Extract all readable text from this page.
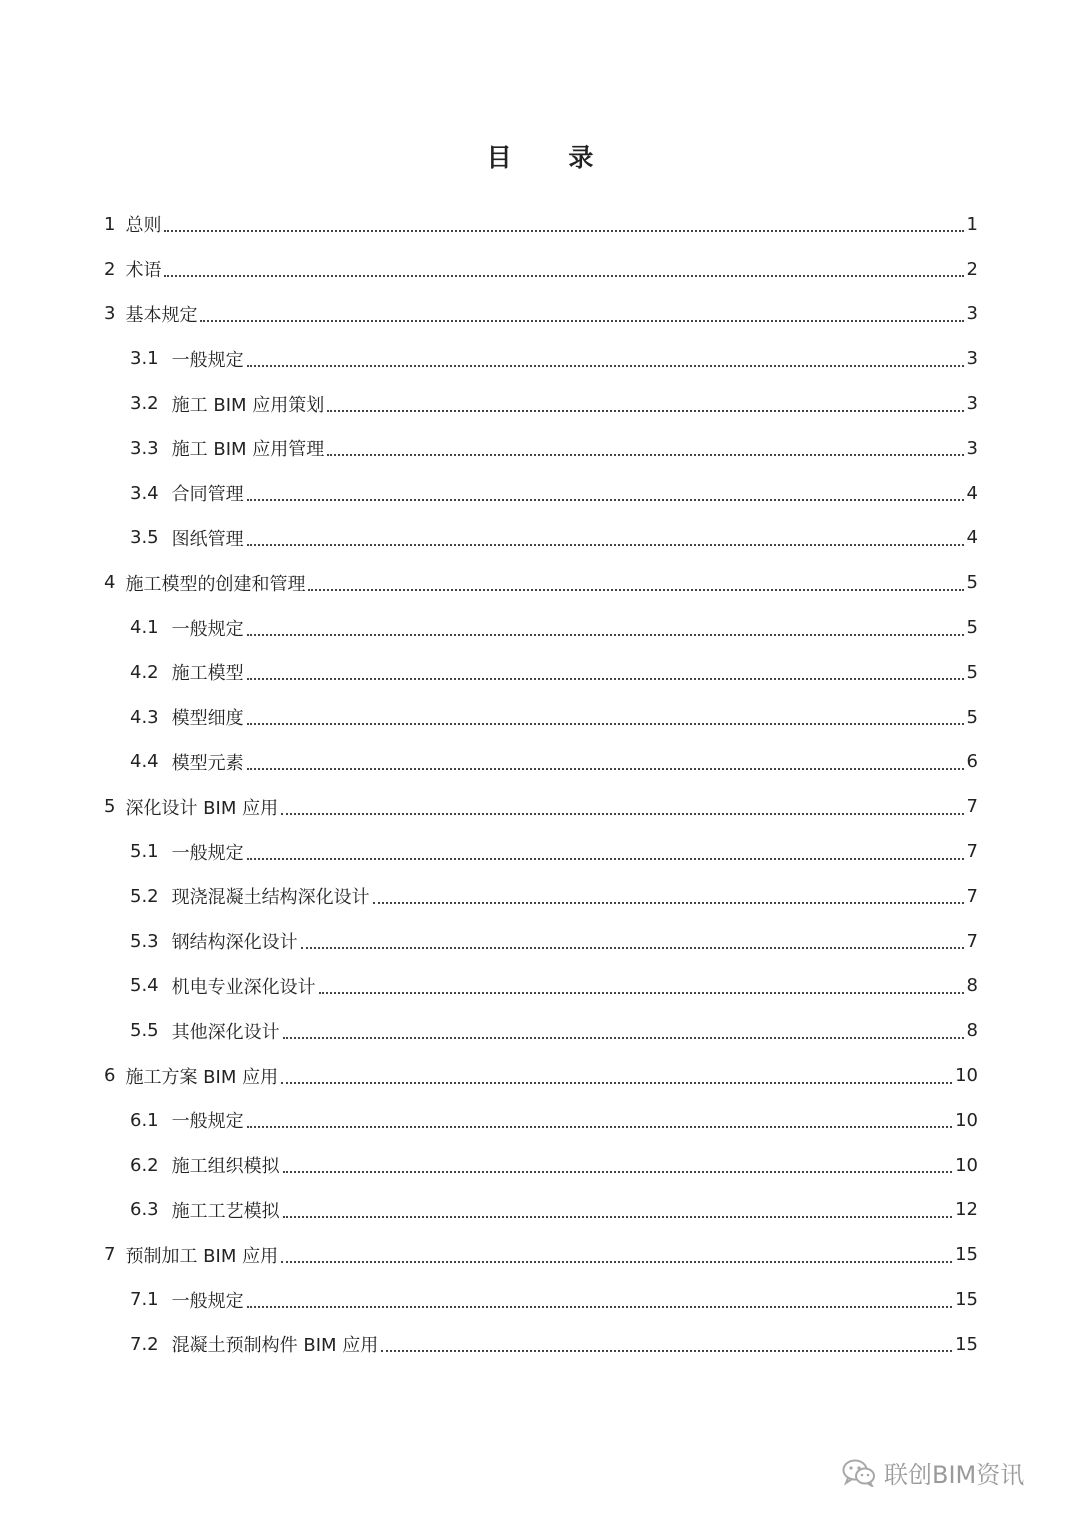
目 录
1 总则	1
2 术语	2
3 基本规定	3
3.1 一般规定	3
3.2 施工 BIM 应用策划	3
3.3 施工 BIM 应用管理	3
3.4 合同管理	4
3.5 图纸管理	4
4 施工模型的创建和管理	5
4.1 一般规定	5
4.2 施工模型	5
4.3 模型细度	5
4.4 模型元素	6
5 深化设计 BIM 应用	7
5.1 一般规定	7
5.2 现浇混凝土结构深化设计	7
5.3 钢结构深化设计	7
5.4 机电专业深化设计	8
5.5 其他深化设计	8
6 施工方案 BIM 应用	10
6.1 一般规定	10
6.2 施工组织模拟	10
6.3 施工工艺模拟	12
7 预制加工 BIM 应用	15
7.1 一般规定	15
7.2 混凝土预制构件 BIM 应用	15
联创BIM资讯
